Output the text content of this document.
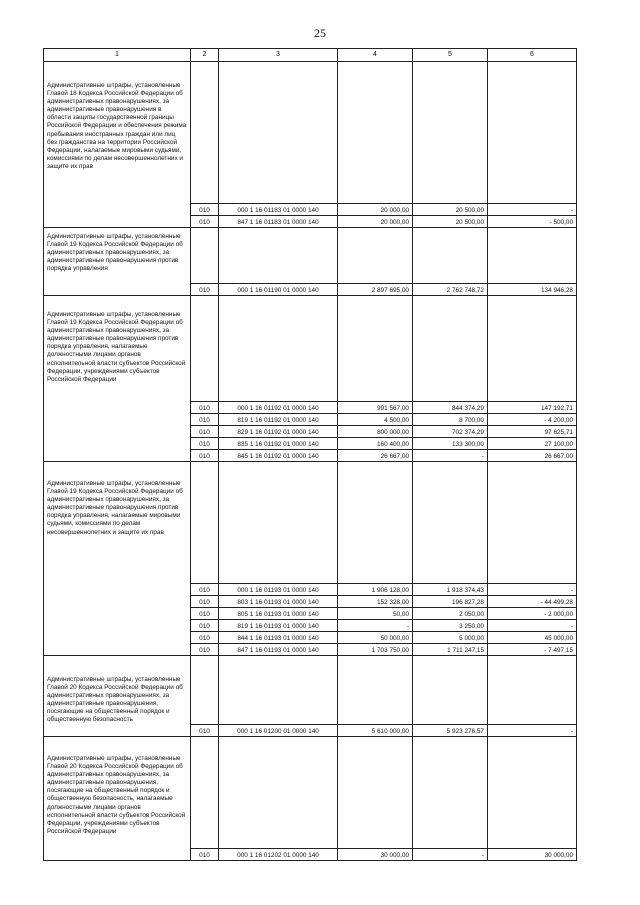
25
1	2	3	4	5	6
Административные штрафы, установленные Главой 18 Кодекса Российской Федерации об административных правонарушениях, за административные правонарушения в области защиты государственной границы Российской Федерации и обеспечения режима пребывания иностранных граждан или лиц без гражданства на территории Российской Федерации, налагаемые мировыми судьями, комиссиями по делам несовершеннолетних и защите их прав					
	010	000 1 16 01183 01 0000 140	20 000,00	20 500,00	-
	010	847 1 16 01183 01 0000 140	20 000,00	20 500,00	- 500,00
Административные штрафы, установленные Главой 19 Кодекса Российской Федерации об административных правонарушениях, за административные правонарушения против порядка управления					
	010	000 1 16 01190 01 0000 140	2 897 695,00	2 762 748,72	134 946,28
Административные штрафы, установленные Главой 19 Кодекса Российской Федерации об административных правонарушениях, за административные правонарушения против порядка управления, налагаемые должностными лицами органов исполнительной власти субъектов Российской Федерации, учреждениями субъектов Российской Федерации					
	010	000 1 16 01192 01 0000 140	991 567,00	844 374,29	147 192,71
	010	819 1 16 01192 01 0000 140	4 500,00	8 700,00	- 4 200,00
	010	829 1 16 01192 01 0000 140	800 000,00	702 374,29	97 625,71
	010	835 1 16 01192 01 0000 140	160 400,00	133 300,00	27 100,00
	010	845 1 16 01192 01 0000 140	26 667,00	-	26 667,00
Административные штрафы, установленные Главой 19 Кодекса Российской Федерации об административных правонарушениях, за административные правонарушения против порядка управления, налагаемые мировыми судьями, комиссиями по делам несовершеннолетних и защите их прав					
	010	000 1 16 01193 01 0000 140	1 906 128,00	1 918 374,43	-
	010	803 1 16 01193 01 0000 140	152 328,00	196 827,28	- 44 499,28
	010	805 1 16 01193 01 0000 140	50,00	2 050,00	- 2 000,00
	010	819 1 16 01193 01 0000 140	-	3 250,00	-
	010	844 1 16 01193 01 0000 140	50 000,00	5 000,00	45 000,00
	010	847 1 16 01193 01 0000 140	1 703 750,00	1 711 247,15	- 7 497,15
Административные штрафы, установленные Главой 20 Кодекса Российской Федерации об административных правонарушениях, за административные правонарушения, посягающие на общественный порядок и общественную безопасность					
	010	000 1 16 01200 01 0000 140	5 610 000,00	5 923 276,57	-
Административные штрафы, установленные Главой 20 Кодекса Российской Федерации об административных правонарушениях, за административные правонарушения, посягающие на общественный порядок и общественную безопасность, налагаемые должностными лицами органов исполнительной власти субъектов Российской Федерации, учреждениями субъектов Российской Федерации					
	010	000 1 16 01202 01 0000 140	30 000,00	-	30 000,00
